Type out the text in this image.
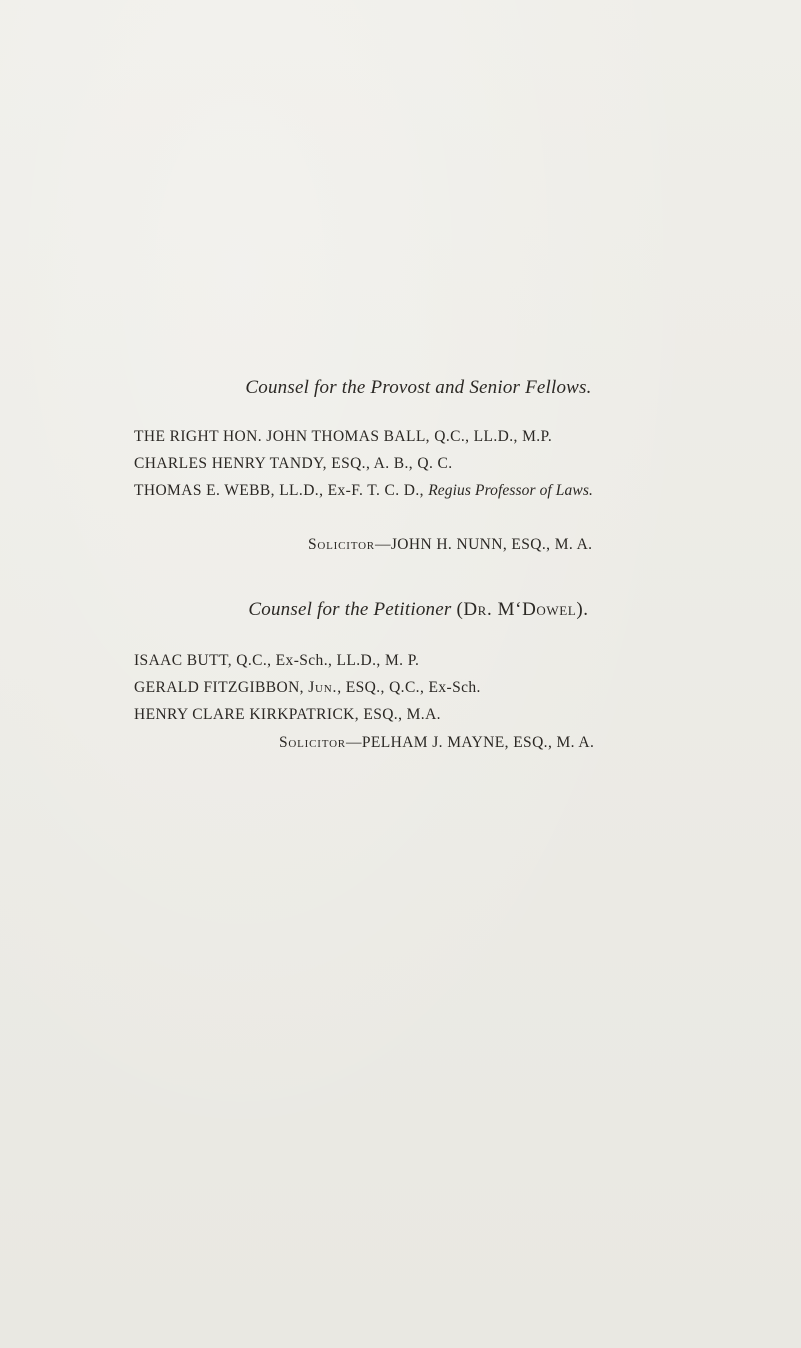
Counsel for the Provost and Senior Fellows.
THE RIGHT HON. JOHN THOMAS BALL, Q.C., LL.D., M.P.
CHARLES HENRY TANDY, ESQ., A. B., Q. C.
THOMAS E. WEBB, LL.D., Ex-F. T. C. D., Regius Professor of Laws.
Solicitor—JOHN H. NUNN, ESQ., M. A.
Counsel for the Petitioner (Dr. M‘Dowel).
ISAAC BUTT, Q.C., Ex-Sch., LL.D., M. P.
GERALD FITZGIBBON, Jun., ESQ., Q.C., Ex-Sch.
HENRY CLARE KIRKPATRICK, ESQ., M.A.
Solicitor—PELHAM J. MAYNE, ESQ., M. A.
